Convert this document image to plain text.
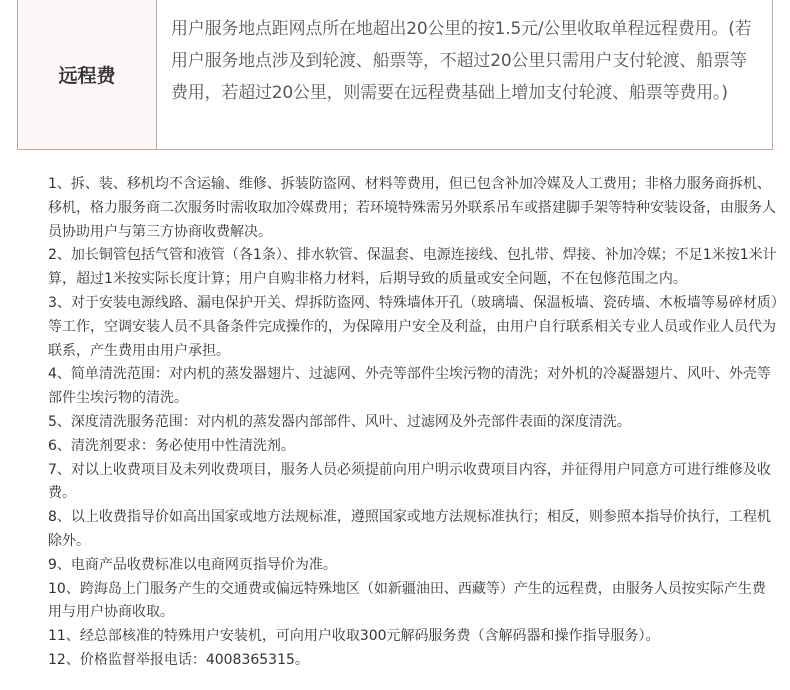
远程费
用户服务地点距网点所在地超出20公里的按1.5元/公里收取单程远程费用。(若用户服务地点涉及到轮渡、船票等，不超过20公里只需用户支付轮渡、船票等费用，若超过20公里，则需要在远程费基础上增加支付轮渡、船票等费用。)

1、拆、装、移机均不含运输、维修、拆装防盗网、材料等费用，但已包含补加冷媒及人工费用；非格力服务商拆机、移机，格力服务商二次服务时需收取加冷媒费用；若环境特殊需另外联系吊车或搭建脚手架等特种安装设备，由服务人员协助用户与第三方协商收费解决。

2、加长铜管包括气管和液管（各1条）、排水软管、保温套、电源连接线、包扎带、焊接、补加冷媒；不足1米按1米计算，超过1米按实际长度计算；用户自购非格力材料，后期导致的质量或安全问题，不在包修范围之内。

3、对于安装电源线路、漏电保护开关、焊拆防盗网、特殊墙体开孔（玻璃墙、保温板墙、瓷砖墙、木板墙等易碎材质）等工作，空调安装人员不具备条件完成操作的，为保障用户安全及利益，由用户自行联系相关专业人员或作业人员代为联系，产生费用由用户承担。

4、简单清洗范围：对内机的蒸发器翅片、过滤网、外壳等部件尘埃污物的清洗；对外机的冷凝器翅片、风叶、外壳等部件尘埃污物的清洗。

5、深度清洗服务范围：对内机的蒸发器内部部件、风叶、过滤网及外壳部件表面的深度清洗。

6、清洗剂要求：务必使用中性清洗剂。

7、对以上收费项目及未列收费项目，服务人员必须提前向用户明示收费项目内容，并征得用户同意方可进行维修及收费。

8、以上收费指导价如高出国家或地方法规标准，遵照国家或地方法规标准执行；相反，则参照本指导价执行，工程机除外。

9、电商产品收费标准以电商网页指导价为准。

10、跨海岛上门服务产生的交通费或偏远特殊地区（如新疆油田、西藏等）产生的远程费，由服务人员按实际产生费用与用户协商收取。

11、经总部核准的特殊用户安装机，可向用户收取300元解码服务费（含解码器和操作指导服务）。

12、价格监督举报电话：4008365315。
